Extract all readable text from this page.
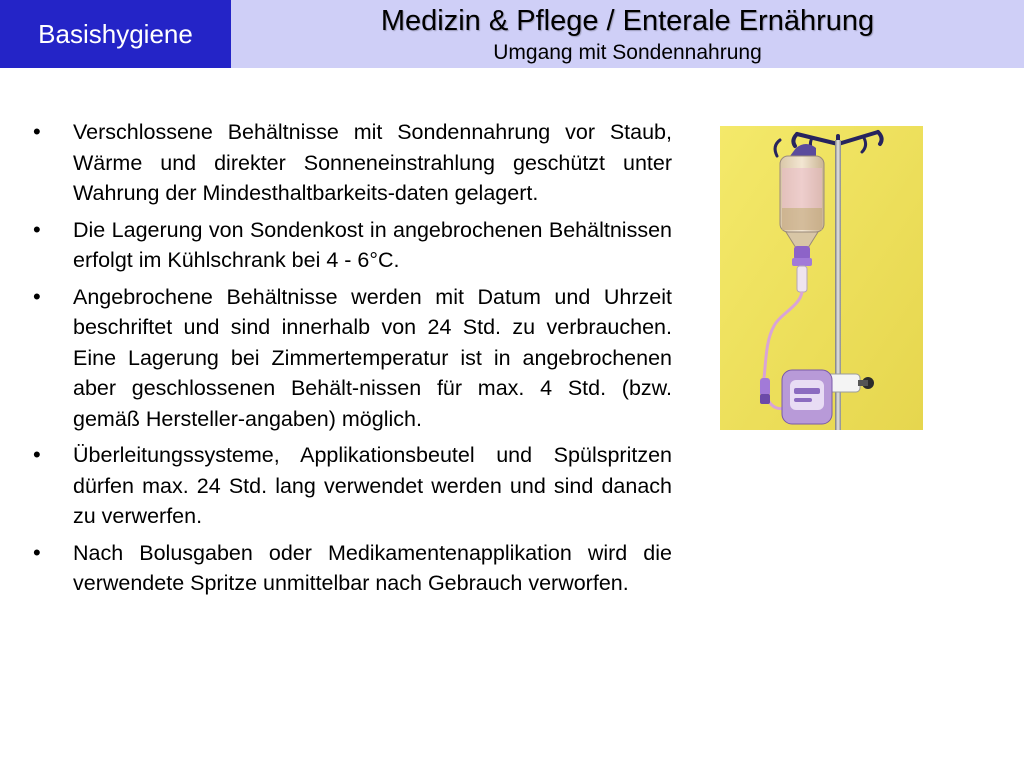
Basishygiene	Medizin & Pflege / Enterale Ernährung
Umgang mit Sondennahrung
• Verschlossene Behältnisse mit Sondennahrung vor Staub, Wärme und direkter Sonneneinstrahlung geschützt unter Wahrung der Mindesthaltbarkeits-daten gelagert.
• Die Lagerung von Sondenkost in angebrochenen Behältnissen erfolgt im Kühlschrank bei 4 - 6°C.
• Angebrochene Behältnisse werden mit Datum und Uhrzeit beschriftet und sind innerhalb von 24 Std. zu verbrauchen. Eine Lagerung bei Zimmertemperatur ist in angebrochenen aber geschlossenen Behält-nissen für max. 4 Std. (bzw. gemäß Hersteller-angaben) möglich.
• Überleitungssysteme, Applikationsbeutel und Spülspritzen dürfen max. 24 Std. lang verwendet werden und sind danach zu verwerfen.
• Nach Bolusgaben oder Medikamentenapplikation wird die verwendete Spritze unmittelbar nach Gebrauch verworfen.
